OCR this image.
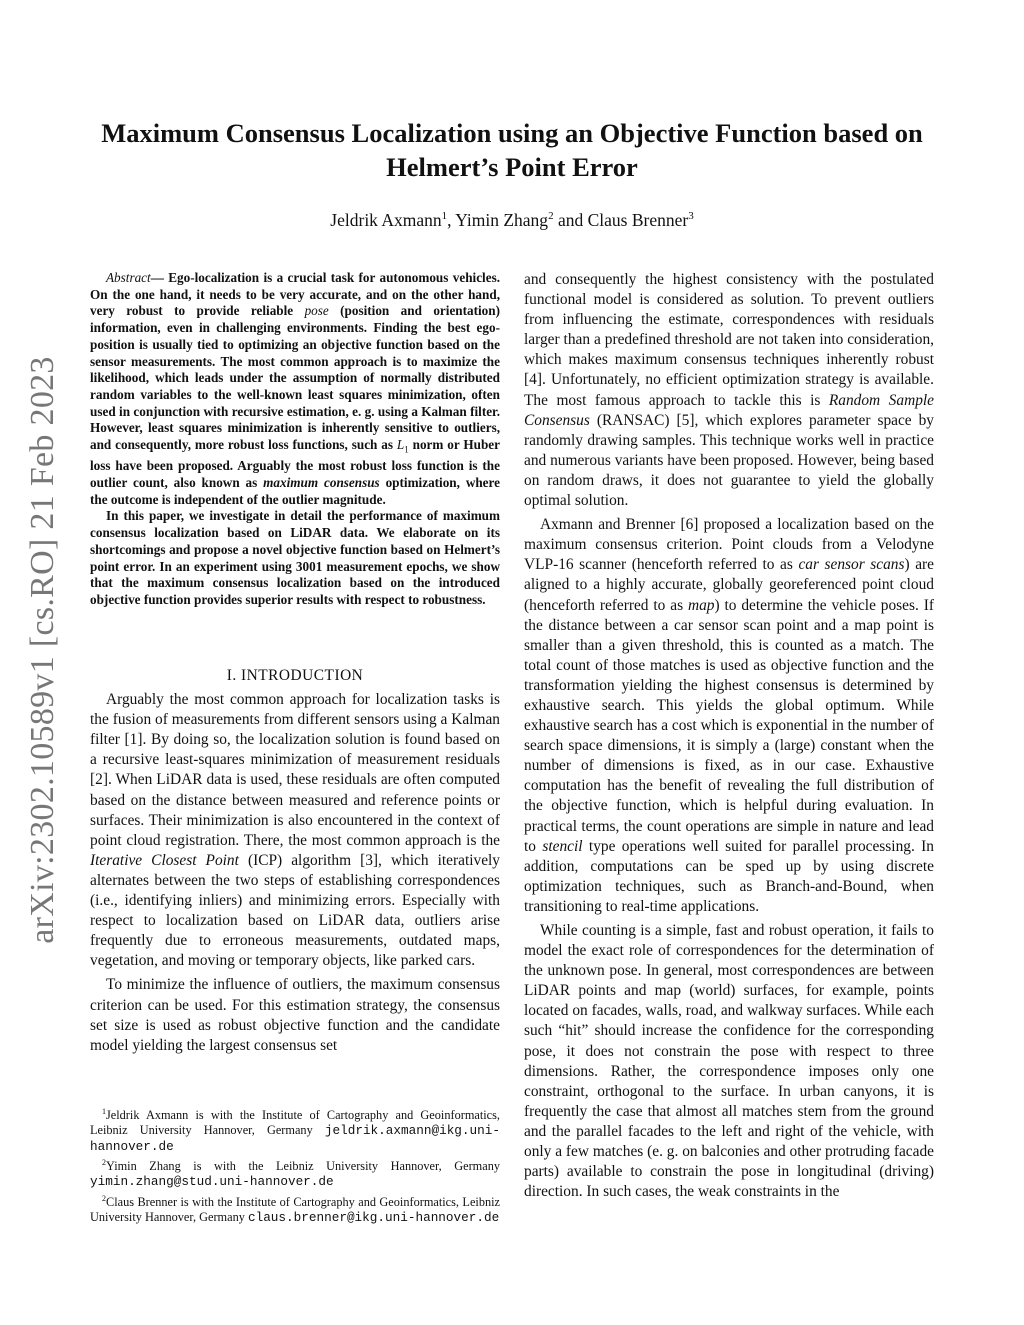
arXiv:2302.10589v1 [cs.RO] 21 Feb 2023
Maximum Consensus Localization using an Objective Function based on Helmert’s Point Error
Jeldrik Axmann$^1$, Yimin Zhang$^2$ and Claus Brenner$^3$

Abstract— Ego-localization is a crucial task for autonomous vehicles. On the one hand, it needs to be very accurate, and on the other hand, very robust to provide reliable pose (position and orientation) information, even in challenging environments. Finding the best ego-position is usually tied to optimizing an objective function based on the sensor measurements. The most common approach is to maximize the likelihood, which leads under the assumption of normally distributed random variables to the well-known least squares minimization, often used in conjunction with recursive estimation, e. g. using a Kalman filter. However, least squares minimization is inherently sensitive to outliers, and consequently, more robust loss functions, such as $L_1$ norm or Huber loss have been proposed. Arguably the most robust loss function is the outlier count, also known as maximum consensus optimization, where the outcome is independent of the outlier magnitude.

In this paper, we investigate in detail the performance of maximum consensus localization based on LiDAR data. We elaborate on its shortcomings and propose a novel objective function based on Helmert’s point error. In an experiment using 3001 measurement epochs, we show that the maximum consensus localization based on the introduced objective function provides superior results with respect to robustness.

I. INTRODUCTION

Arguably the most common approach for localization tasks is the fusion of measurements from different sensors using a Kalman filter [1]. By doing so, the localization solution is found based on a recursive least-squares minimization of measurement residuals [2]. When LiDAR data is used, these residuals are often computed based on the distance between measured and reference points or surfaces. Their minimization is also encountered in the context of point cloud registration. There, the most common approach is the Iterative Closest Point (ICP) algorithm [3], which iteratively alternates between the two steps of establishing correspondences (i.e., identifying inliers) and minimizing errors. Especially with respect to localization based on LiDAR data, outliers arise frequently due to erroneous measurements, outdated maps, vegetation, and moving or temporary objects, like parked cars.

To minimize the influence of outliers, the maximum consensus criterion can be used. For this estimation strategy, the consensus set size is used as robust objective function and the candidate model yielding the largest consensus set

$^1$Jeldrik Axmann is with the Institute of Cartography and Geoinformatics, Leibniz University Hannover, Germany jeldrik.axmann@ikg.uni-hannover.de

$^2$Yimin Zhang is with the Leibniz University Hannover, Germany yimin.zhang@stud.uni-hannover.de

$^2$Claus Brenner is with the Institute of Cartography and Geoinformatics, Leibniz University Hannover, Germany claus.brenner@ikg.uni-hannover.de

and consequently the highest consistency with the postulated functional model is considered as solution. To prevent outliers from influencing the estimate, correspondences with residuals larger than a predefined threshold are not taken into consideration, which makes maximum consensus techniques inherently robust [4]. Unfortunately, no efficient optimization strategy is available. The most famous approach to tackle this is Random Sample Consensus (RANSAC) [5], which explores parameter space by randomly drawing samples. This technique works well in practice and numerous variants have been proposed. However, being based on random draws, it does not guarantee to yield the globally optimal solution.

Axmann and Brenner [6] proposed a localization based on the maximum consensus criterion. Point clouds from a Velodyne VLP-16 scanner (henceforth referred to as car sensor scans) are aligned to a highly accurate, globally georeferenced point cloud (henceforth referred to as map) to determine the vehicle poses. If the distance between a car sensor scan point and a map point is smaller than a given threshold, this is counted as a match. The total count of those matches is used as objective function and the transformation yielding the highest consensus is determined by exhaustive search. This yields the global optimum. While exhaustive search has a cost which is exponential in the number of search space dimensions, it is simply a (large) constant when the number of dimensions is fixed, as in our case. Exhaustive computation has the benefit of revealing the full distribution of the objective function, which is helpful during evaluation. In practical terms, the count operations are simple in nature and lead to stencil type operations well suited for parallel processing. In addition, computations can be sped up by using discrete optimization techniques, such as Branch-and-Bound, when transitioning to real-time applications.

While counting is a simple, fast and robust operation, it fails to model the exact role of correspondences for the determination of the unknown pose. In general, most correspondences are between LiDAR points and map (world) surfaces, for example, points located on facades, walls, road, and walkway surfaces. While each such “hit” should increase the confidence for the corresponding pose, it does not constrain the pose with respect to three dimensions. Rather, the correspondence imposes only one constraint, orthogonal to the surface. In urban canyons, it is frequently the case that almost all matches stem from the ground and the parallel facades to the left and right of the vehicle, with only a few matches (e. g. on balconies and other protruding facade parts) available to constrain the pose in longitudinal (driving) direction. In such cases, the weak constraints in the
